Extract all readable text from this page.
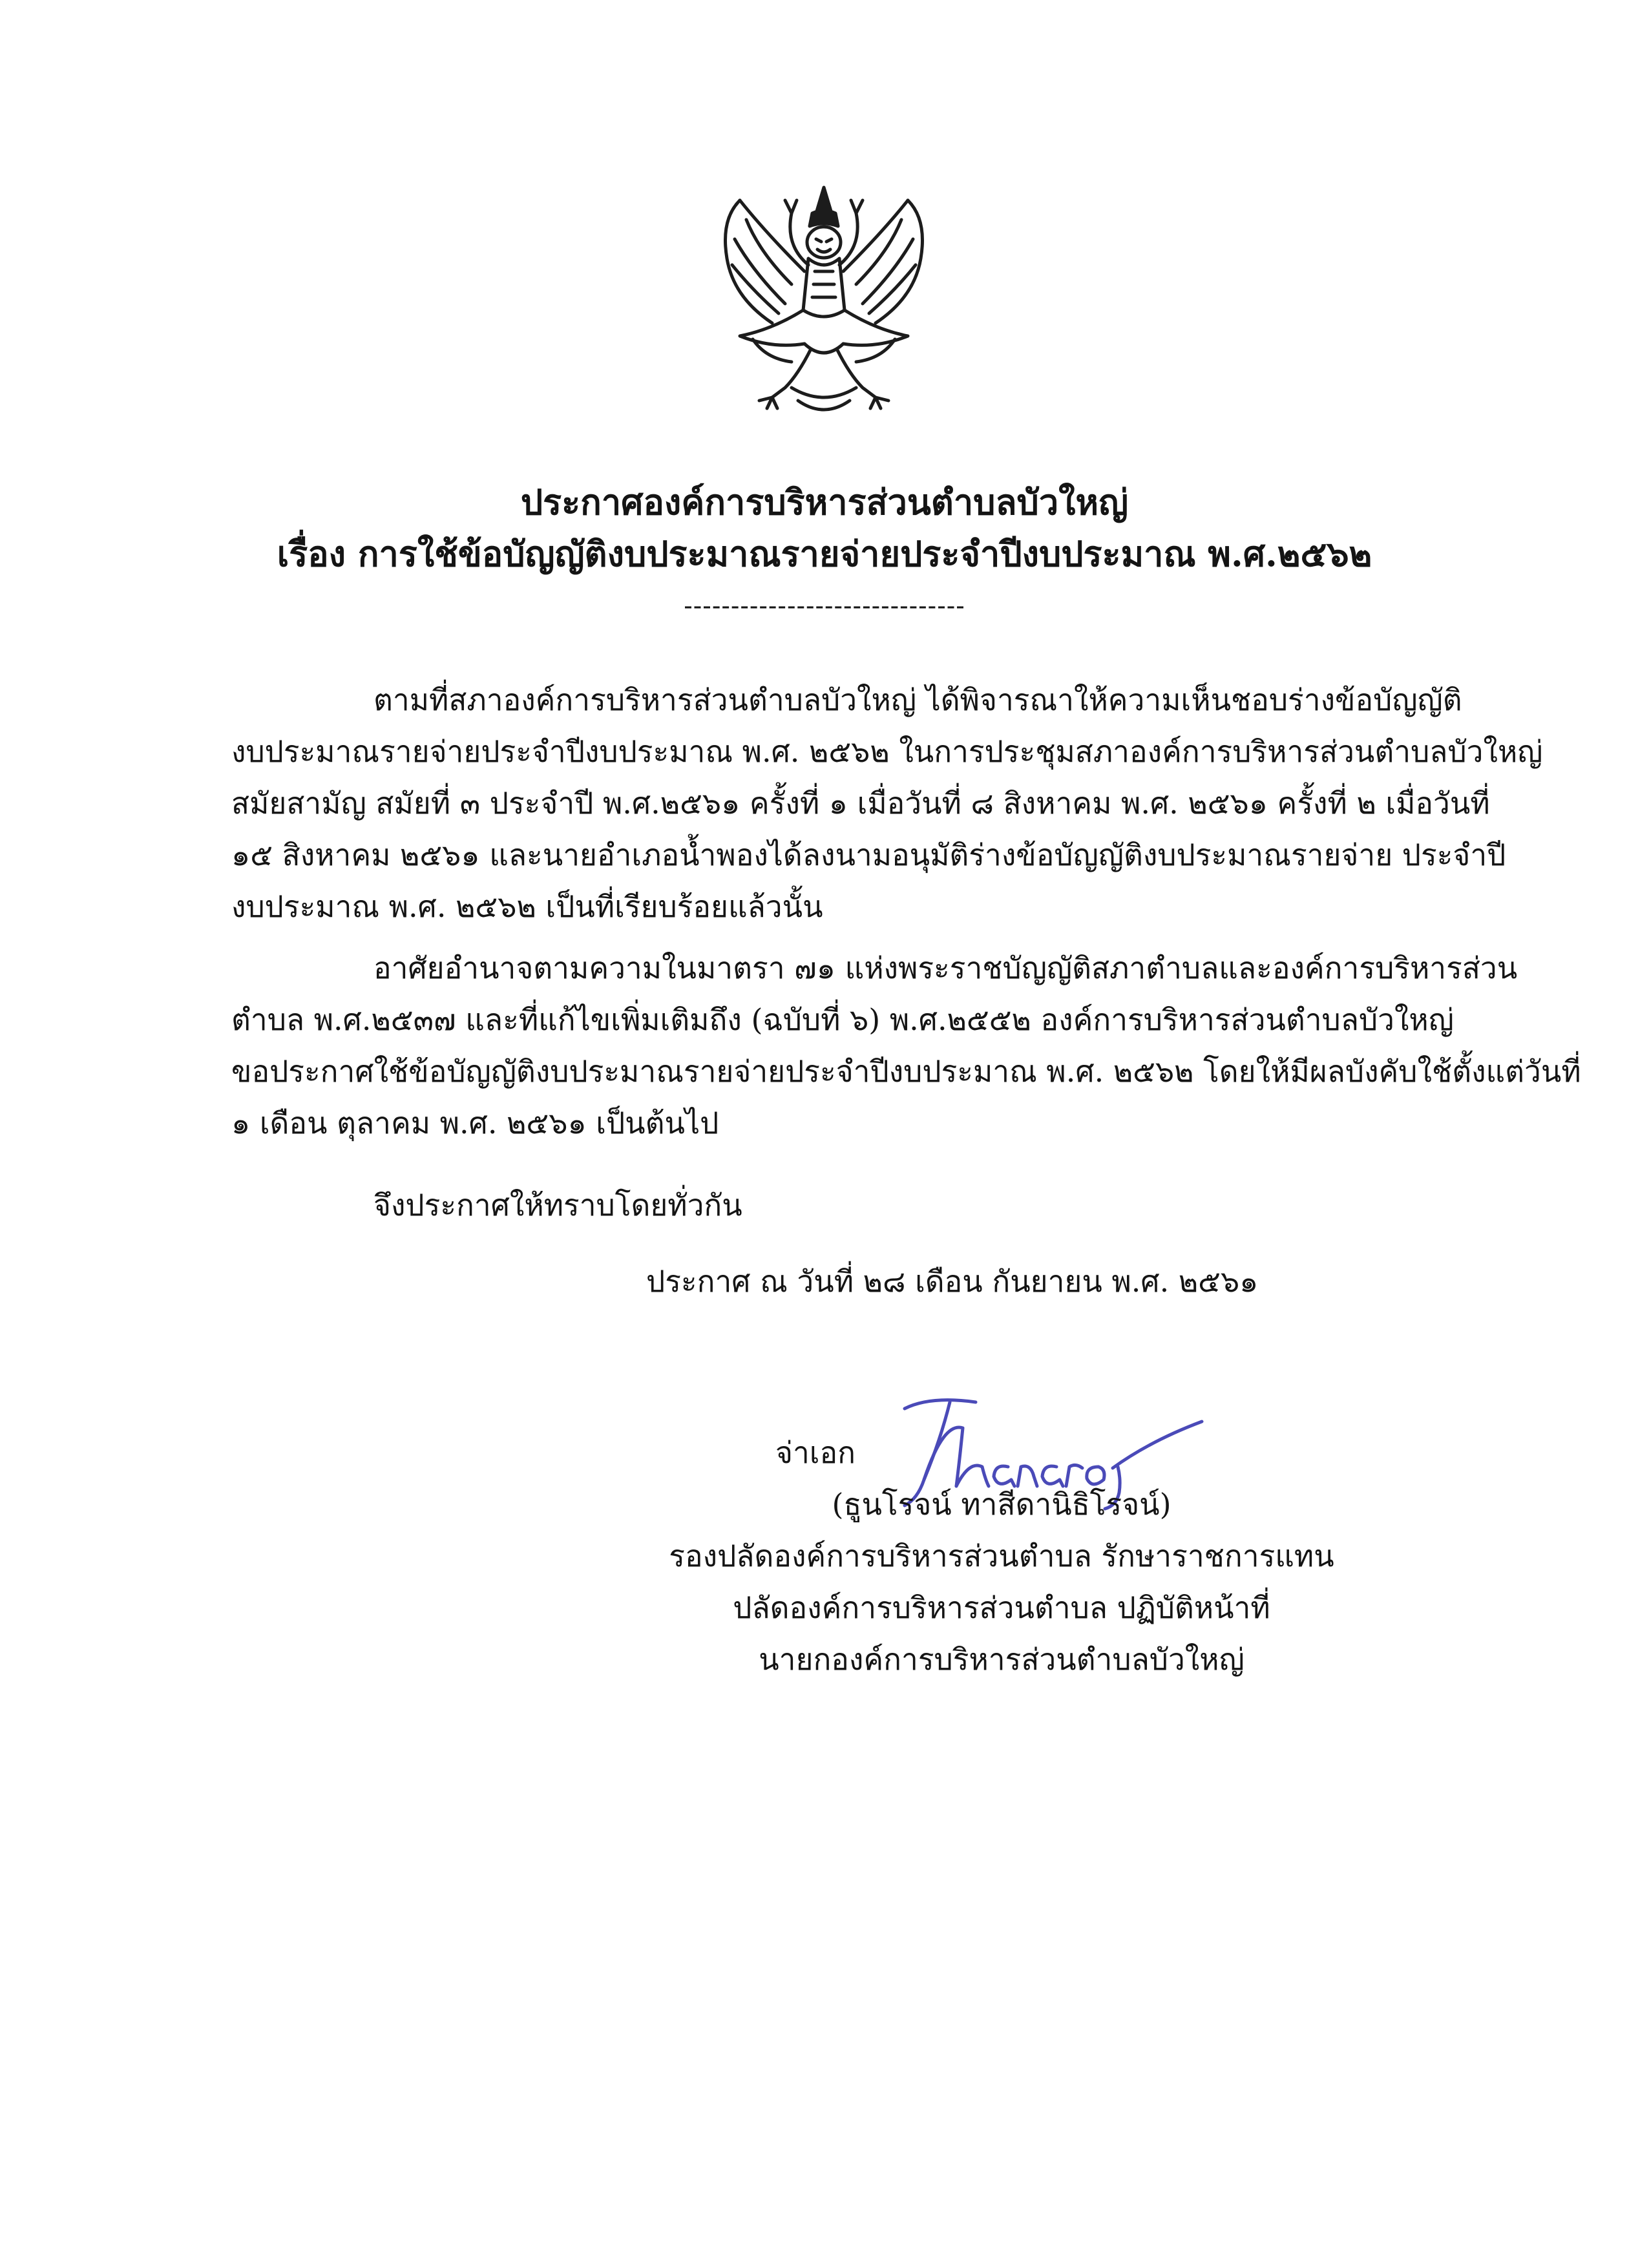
ประกาศองค์การบริหารส่วนตำบลบัวใหญ่
เรื่อง การใช้ข้อบัญญัติงบประมาณรายจ่ายประจำปีงบประมาณ พ.ศ.๒๕๖๒
------------------------------
ตามที่สภาองค์การบริหารส่วนตำบลบัวใหญ่ ได้พิจารณาให้ความเห็นชอบร่างข้อบัญญัติ
งบประมาณรายจ่ายประจำปีงบประมาณ พ.ศ. ๒๕๖๒ ในการประชุมสภาองค์การบริหารส่วนตำบลบัวใหญ่
สมัยสามัญ สมัยที่ ๓ ประจำปี พ.ศ.๒๕๖๑ ครั้งที่ ๑ เมื่อวันที่ ๘ สิงหาคม พ.ศ. ๒๕๖๑ ครั้งที่ ๒ เมื่อวันที่
๑๕ สิงหาคม ๒๕๖๑ และนายอำเภอน้ำพองได้ลงนามอนุมัติร่างข้อบัญญัติงบประมาณรายจ่าย ประจำปี
งบประมาณ พ.ศ. ๒๕๖๒ เป็นที่เรียบร้อยแล้วนั้น
อาศัยอำนาจตามความในมาตรา ๗๑ แห่งพระราชบัญญัติสภาตำบลและองค์การบริหารส่วน
ตำบล พ.ศ.๒๕๓๗ และที่แก้ไขเพิ่มเติมถึง (ฉบับที่ ๖) พ.ศ.๒๕๕๒ องค์การบริหารส่วนตำบลบัวใหญ่
ขอประกาศใช้ข้อบัญญัติงบประมาณรายจ่ายประจำปีงบประมาณ พ.ศ. ๒๕๖๒ โดยให้มีผลบังคับใช้ตั้งแต่วันที่
๑ เดือน ตุลาคม พ.ศ. ๒๕๖๑ เป็นต้นไป
จึงประกาศให้ทราบโดยทั่วกัน
ประกาศ ณ วันที่ ๒๘ เดือน กันยายน พ.ศ. ๒๕๖๑
จ่าเอก
(ธูนโรจน์ ทาสีดานิธิโรจน์)
รองปลัดองค์การบริหารส่วนตำบล รักษาราชการแทน
ปลัดองค์การบริหารส่วนตำบล ปฏิบัติหน้าที่
นายกองค์การบริหารส่วนตำบลบัวใหญ่
